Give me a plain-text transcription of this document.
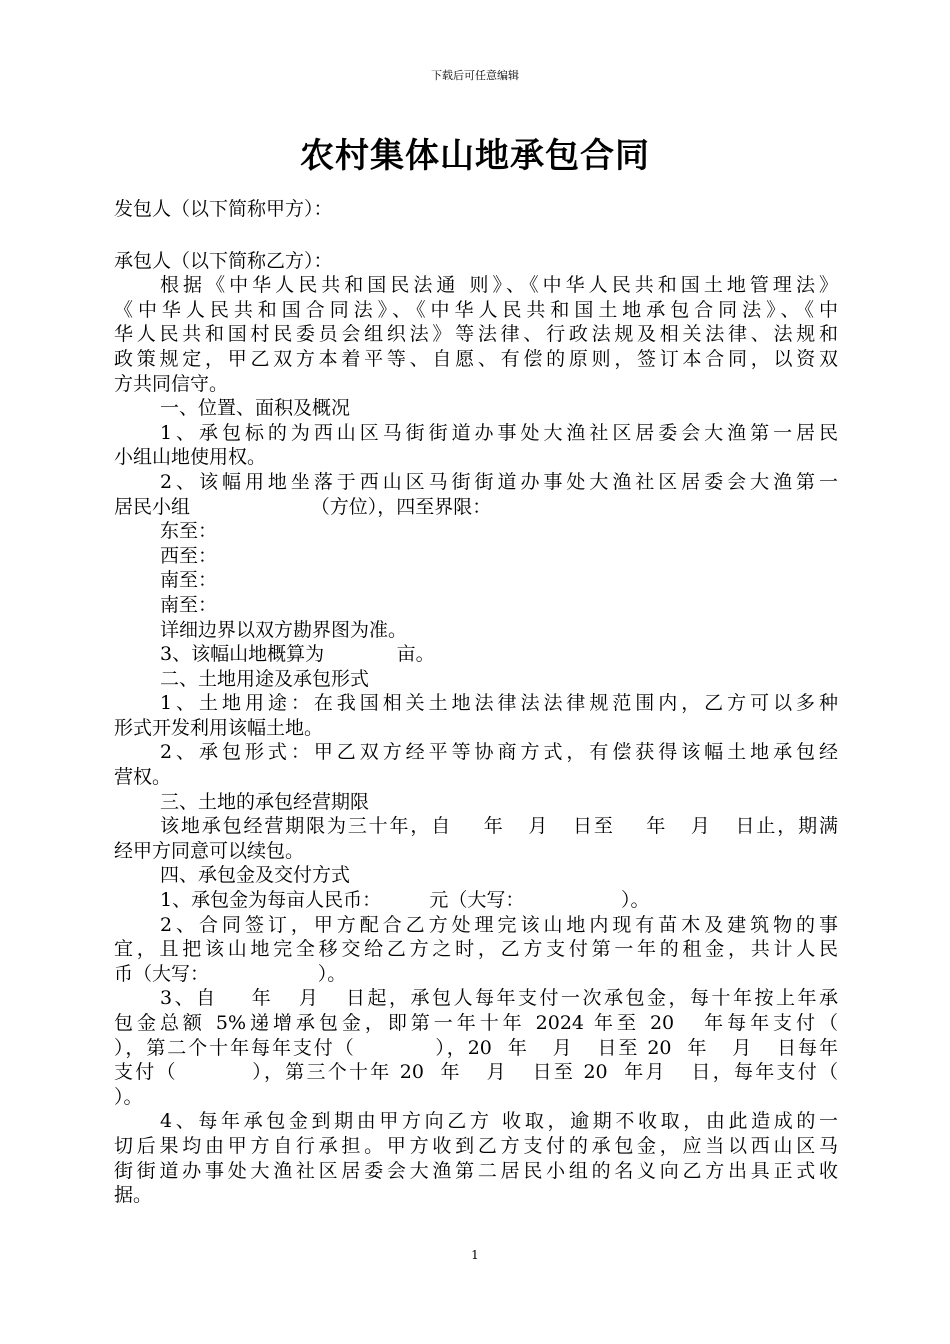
下载后可任意编辑
农村集体山地承包合同
发包人（以下简称甲方）：
承包人（以下简称乙方）：
根据《中华人民共和国民法通 则》、《中华人民共和国土地管理法》
《中华人民共和国合同法》、《中华人民共和国土地承包合同法》、《中
华人民共和国村民委员会组织法》等法律、行政法规及相关法律、法规和
政策规定，甲乙双方本着平等、自愿、有偿的原则，签订本合同，以资双
方共同信守。
一、位置、面积及概况
1、承包标的为西山区马街街道办事处大渔社区居委会大渔第一居民
小组山地使用权。
2、该幅用地坐落于西山区马街街道办事处大渔社区居委会大渔第一
居民小组                    （方位），四至界限：
东至：
西至：
南至：
南至：
详细边界以双方勘界图为准。
3、该幅山地概算为            亩。
二、土地用途及承包形式
1、土地用途：在我国相关土地法律法法律规范围内，乙方可以多种
形式开发利用该幅土地。
2、承包形式：甲乙双方经平等协商方式，有偿获得该幅土地承包经
营权。
三、土地的承包经营期限
该地承包经营期限为三十年，自    年   月   日至    年   月   日止，期满
经甲方同意可以续包。
四、承包金及交付方式
1、承包金为每亩人民币：        元（大写：                ）。
2、合同签订，甲方配合乙方处理完该山地内现有苗木及建筑物的事
宜，且把该山地完全移交给乙方之时，乙方支付第一年的租金，共计人民
币（大写：                  ）。
3、自    年   月   日起，承包人每年支付一次承包金，每十年按上年承
包金总额 5%递增承包金，即第一年十年 2024 年至 20   年每年支付（
），第二个十年每年支付（          ），20  年   月   日至 20  年   月   日每年
支付（         ），第三个十年 20  年   月   日至 20  年月   日，每年支付（
）。
4、每年承包金到期由甲方向乙方 收取，逾期不收取，由此造成的一
切后果均由甲方自行承担。甲方收到乙方支付的承包金，应当以西山区马
街街道办事处大渔社区居委会大渔第二居民小组的名义向乙方出具正式收
据。
1
